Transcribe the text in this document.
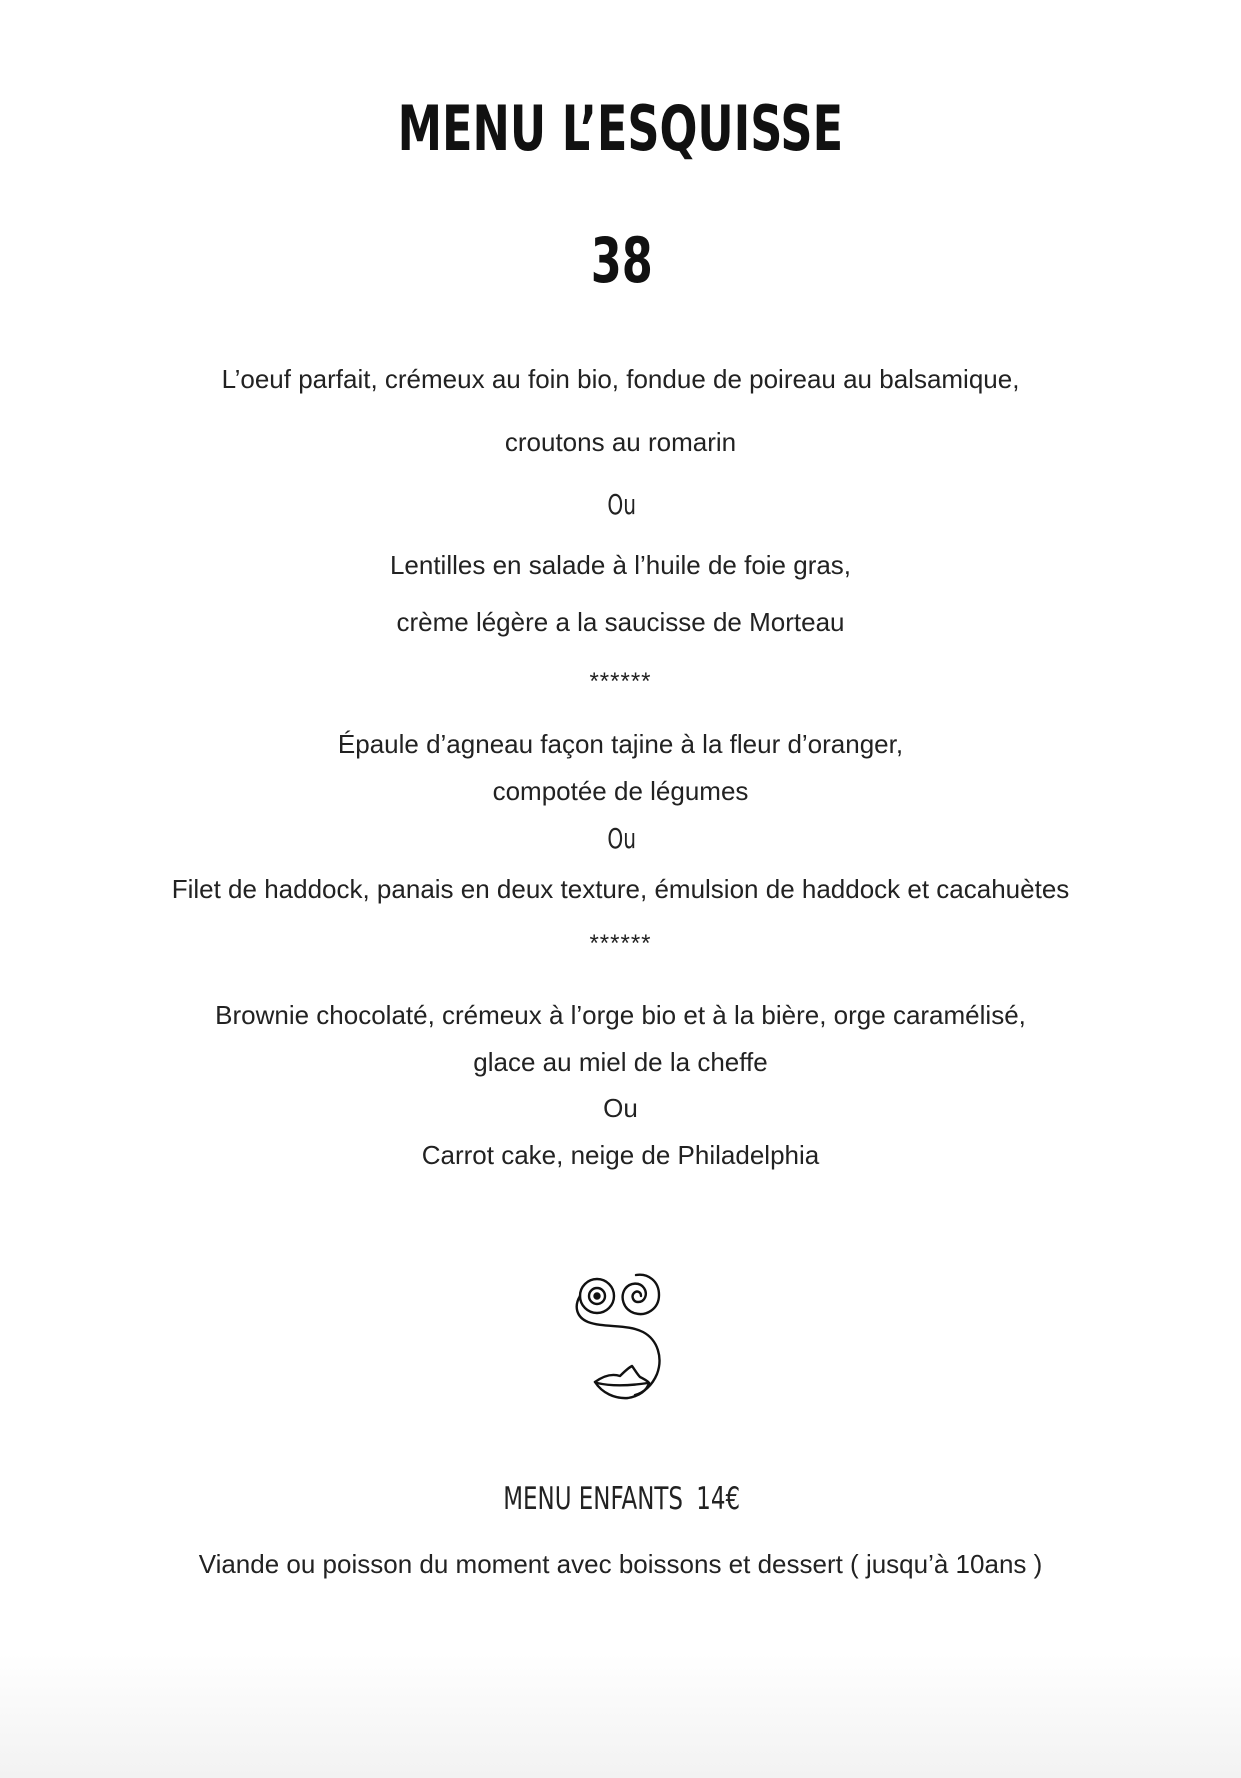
MENU L’ESQUISSE
38
L’oeuf parfait, crémeux au foin bio, fondue de poireau au balsamique,
croutons au romarin
Ou
Lentilles en salade à l’huile de foie gras,
crème légère a la saucisse de Morteau
******
Épaule d’agneau façon tajine à la fleur d’oranger,
compotée de légumes
Ou
Filet de haddock, panais en deux texture, émulsion de haddock et cacahuètes
******
Brownie chocolaté, crémeux à l’orge bio et à la bière, orge caramélisé,
glace au miel de la cheffe
Ou
Carrot cake, neige de Philadelphia
MENU ENFANTS 14€
Viande ou poisson du moment avec boissons et dessert ( jusqu’à 10ans )
